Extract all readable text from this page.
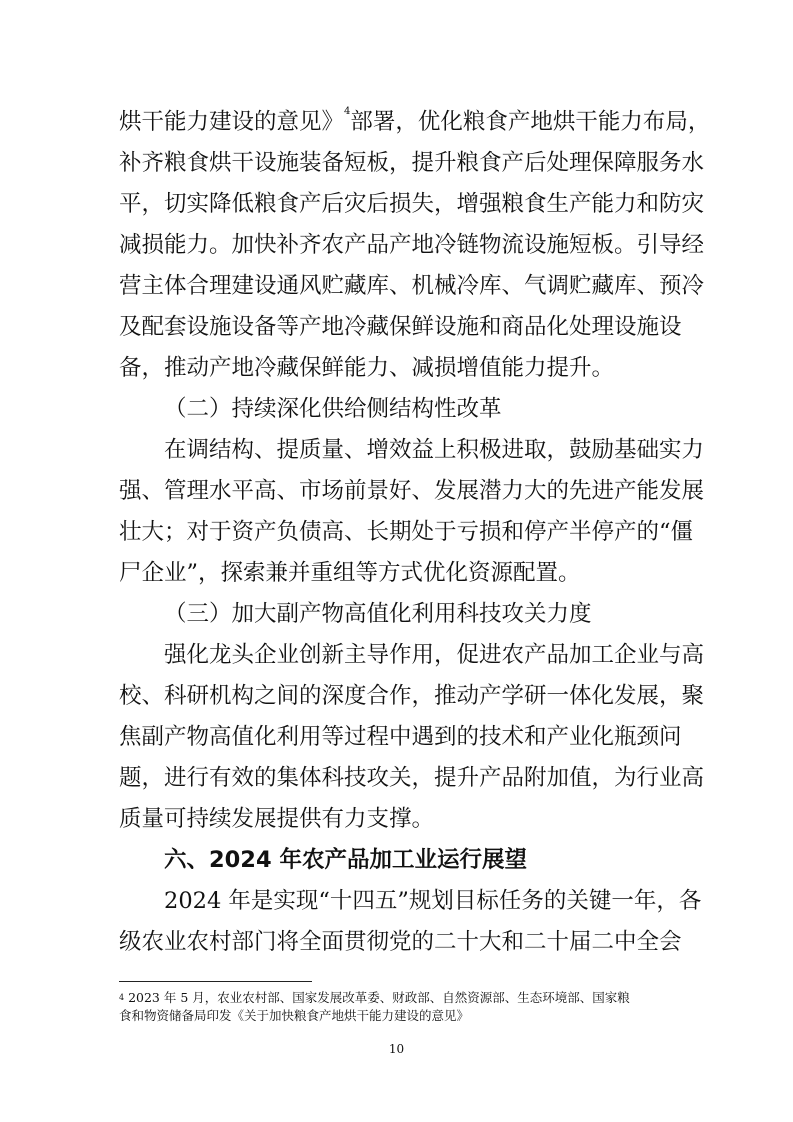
烘干能力建设的意见》$^4$部署，优化粮食产地烘干能力布局，
补齐粮食烘干设施装备短板，提升粮食产后处理保障服务水
平，切实降低粮食产后灾后损失，增强粮食生产能力和防灾
减损能力。加快补齐农产品产地冷链物流设施短板。引导经
营主体合理建设通风贮藏库、机械冷库、气调贮藏库、预冷
及配套设施设备等产地冷藏保鲜设施和商品化处理设施设
备，推动产地冷藏保鲜能力、减损增值能力提升。
（二）持续深化供给侧结构性改革
在调结构、提质量、增效益上积极进取，鼓励基础实力
强、管理水平高、市场前景好、发展潜力大的先进产能发展
壮大；对于资产负债高、长期处于亏损和停产半停产的“僵
尸企业”，探索兼并重组等方式优化资源配置。
（三）加大副产物高值化利用科技攻关力度
强化龙头企业创新主导作用，促进农产品加工企业与高
校、科研机构之间的深度合作，推动产学研一体化发展，聚
焦副产物高值化利用等过程中遇到的技术和产业化瓶颈问
题，进行有效的集体科技攻关，提升产品附加值，为行业高
质量可持续发展提供有力支撑。
六、2024 年农产品加工业运行展望
2024 年是实现“十四五”规划目标任务的关键一年，各
级农业农村部门将全面贯彻党的二十大和二十届二中全会
$^4$ 2023 年 5 月，农业农村部、国家发展改革委、财政部、自然资源部、生态环境部、国家粮
食和物资储备局印发《关于加快粮食产地烘干能力建设的意见》
10
